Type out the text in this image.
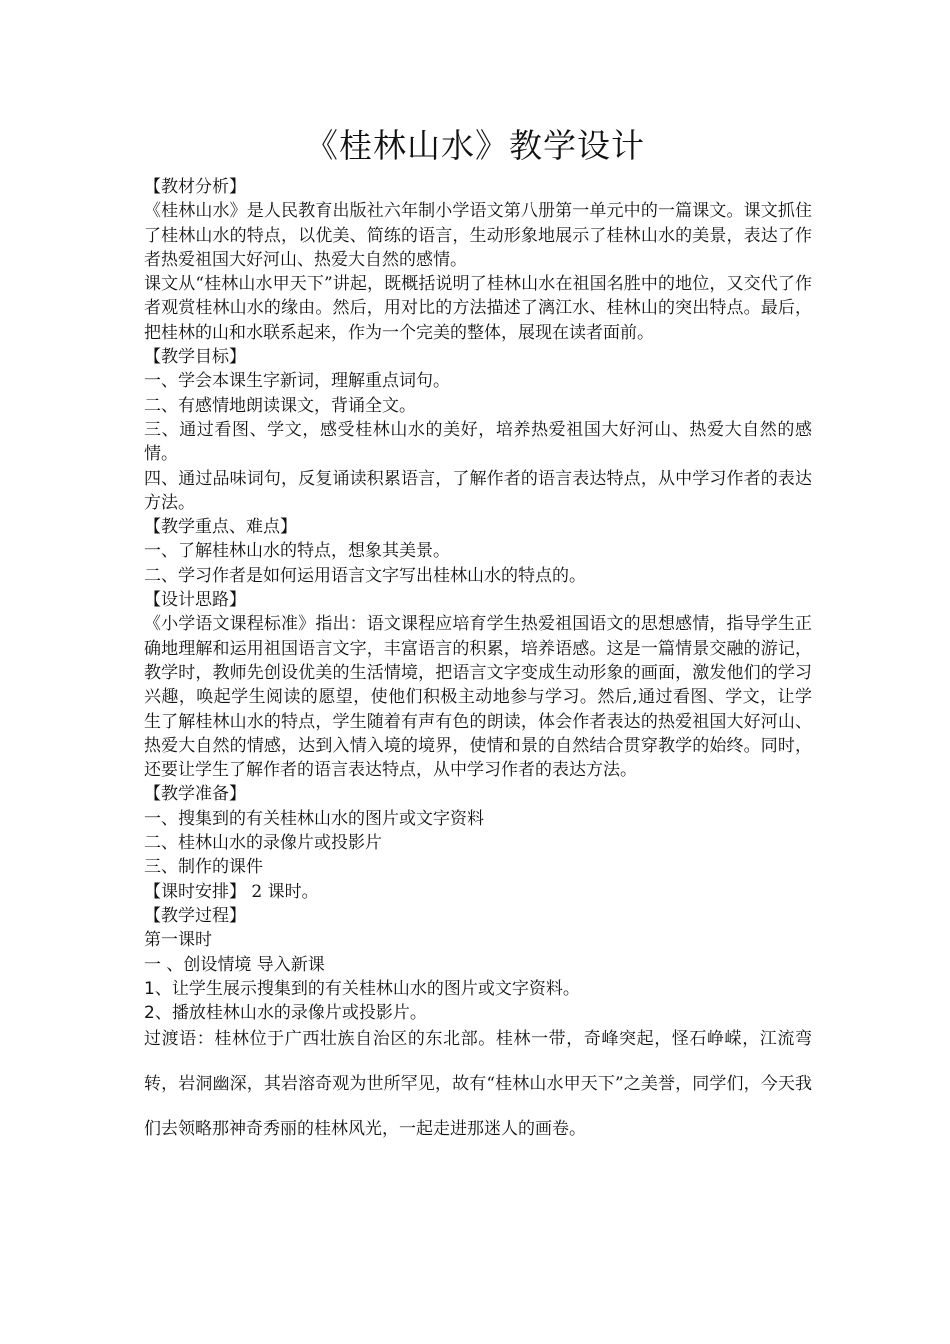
《桂林山水》教学设计

【教材分析】

《桂林山水》是人民教育出版社六年制小学语文第八册第一单元中的一篇课文。课文抓住了桂林山水的特点，以优美、简练的语言，生动形象地展示了桂林山水的美景，表达了作者热爱祖国大好河山、热爱大自然的感情。

课文从“桂林山水甲天下”讲起，既概括说明了桂林山水在祖国名胜中的地位，又交代了作者观赏桂林山水的缘由。然后，用对比的方法描述了漓江水、桂林山的突出特点。最后，把桂林的山和水联系起来，作为一个完美的整体，展现在读者面前。

【教学目标】

一、学会本课生字新词，理解重点词句。

二、有感情地朗读课文，背诵全文。

三、通过看图、学文，感受桂林山水的美好，培养热爱祖国大好河山、热爱大自然的感情。

四、通过品味词句，反复诵读积累语言，了解作者的语言表达特点，从中学习作者的表达方法。

【教学重点、难点】

一、了解桂林山水的特点，想象其美景。

二、学习作者是如何运用语言文字写出桂林山水的特点的。

【设计思路】

《小学语文课程标准》指出：语文课程应培育学生热爱祖国语文的思想感情，指导学生正确地理解和运用祖国语言文字，丰富语言的积累，培养语感。这是一篇情景交融的游记，教学时，教师先创设优美的生活情境，把语言文字变成生动形象的画面，激发他们的学习兴趣，唤起学生阅读的愿望，使他们积极主动地参与学习。然后,通过看图、学文，让学生了解桂林山水的特点，学生随着有声有色的朗读，体会作者表达的热爱祖国大好河山、热爱大自然的情感，达到入情入境的境界，使情和景的自然结合贯穿教学的始终。同时，还要让学生了解作者的语言表达特点，从中学习作者的表达方法。

【教学准备】

一、搜集到的有关桂林山水的图片或文字资料

二、桂林山水的录像片或投影片

三、制作的课件

【课时安排】 2 课时。

【教学过程】

第一课时

一 、创设情境 导入新课

1、让学生展示搜集到的有关桂林山水的图片或文字资料。

2、播放桂林山水的录像片或投影片。

过渡语：桂林位于广西壮族自治区的东北部。桂林一带，奇峰突起，怪石峥嵘，江流弯转，岩洞幽深，其岩溶奇观为世所罕见，故有“桂林山水甲天下”之美誉，同学们，今天我们去领略那神奇秀丽的桂林风光，一起走进那迷人的画卷。
